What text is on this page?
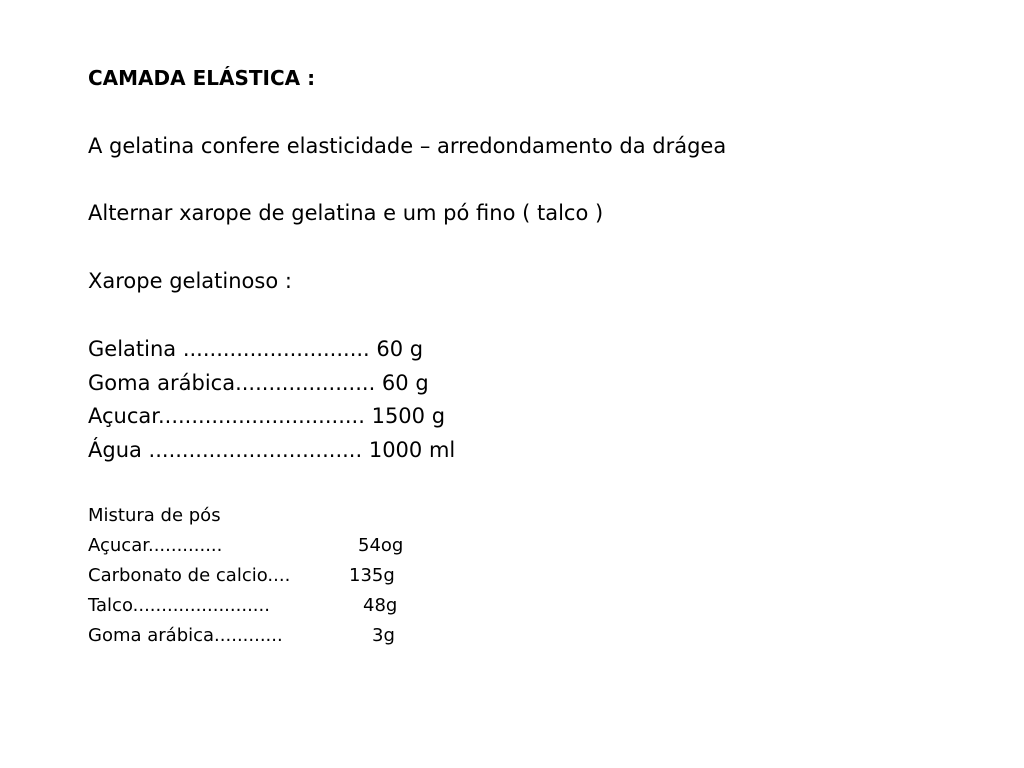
CAMADA ELÁSTICA :
A gelatina confere elasticidade – arredondamento da drágea
Alternar xarope de gelatina e um pó fino ( talco )
Xarope gelatinoso :
Gelatina ............................ 60 g
Goma arábica..................... 60 g
Açucar............................... 1500 g
Água ................................ 1000 ml
Mistura de pós
Açucar.............	54og
Carbonato de calcio....	135g
Talco........................	48g
Goma arábica............	3g
